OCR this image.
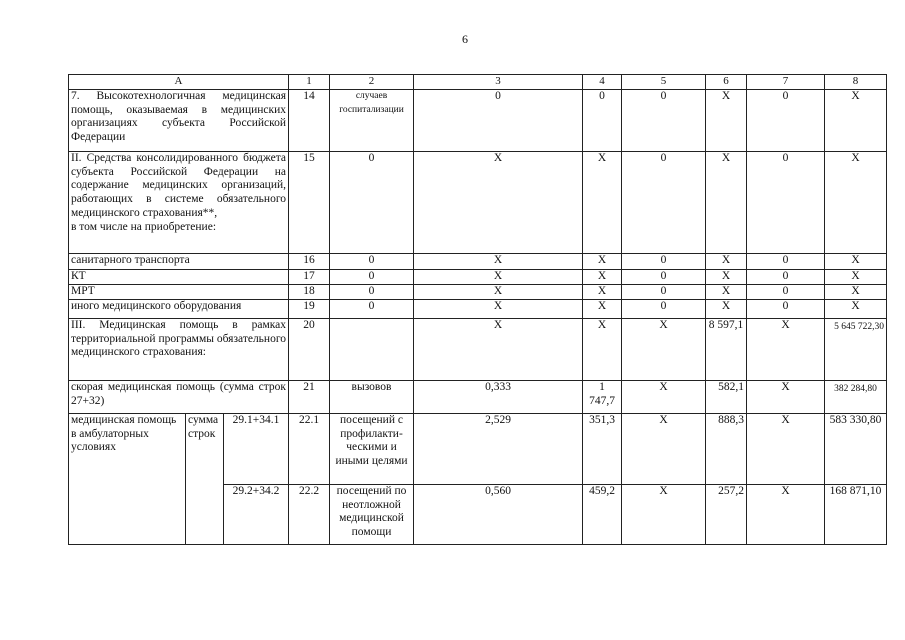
6
А			1	2	3	4	5	6	7	8	
7. Высокотехнологичная медицинская помощь, оказываемая в медицинских организациях субъекта Российской Федерации			14	случаев госпитализации	0	0	0	Х	0	Х	

II. Средства консолидированного бюджета субъекта Российской Федерации на содержание медицинских организаций, работающих в системе обязательного медицинского страхования**,
в том числе на приобретение:			15	0	Х	Х	0	Х	0	Х	
санитарного транспорта			16	0	Х	Х	0	Х	0	Х	
КТ			17	0	Х	Х	0	Х	0	Х	
МРТ			18	0	Х	Х	0	Х	0	Х	
иного медицинского оборудования			19	0	Х	Х	0	Х	0	Х	
III. Медицинская помощь в рамках территориальной программы обязательного медицинского страхования:			20		Х	Х	Х	8 597,1	Х	5 645 722,30	
скорая медицинская помощь (сумма строк 27+32)			21	вызовов	0,333	1 747,7	Х	582,1	Х	382 284,80	
медицинская помощь в амбулаторных условиях	сумма строк	29.1+34.1	22.1	посещений с профилакти-ческими и иными целями	2,529	351,3	Х	888,3	Х	583 330,80	
		29.2+34.2	22.2	посещений по неотложной медицинской помощи	0,560	459,2	Х	257,2	Х	168 871,10	
